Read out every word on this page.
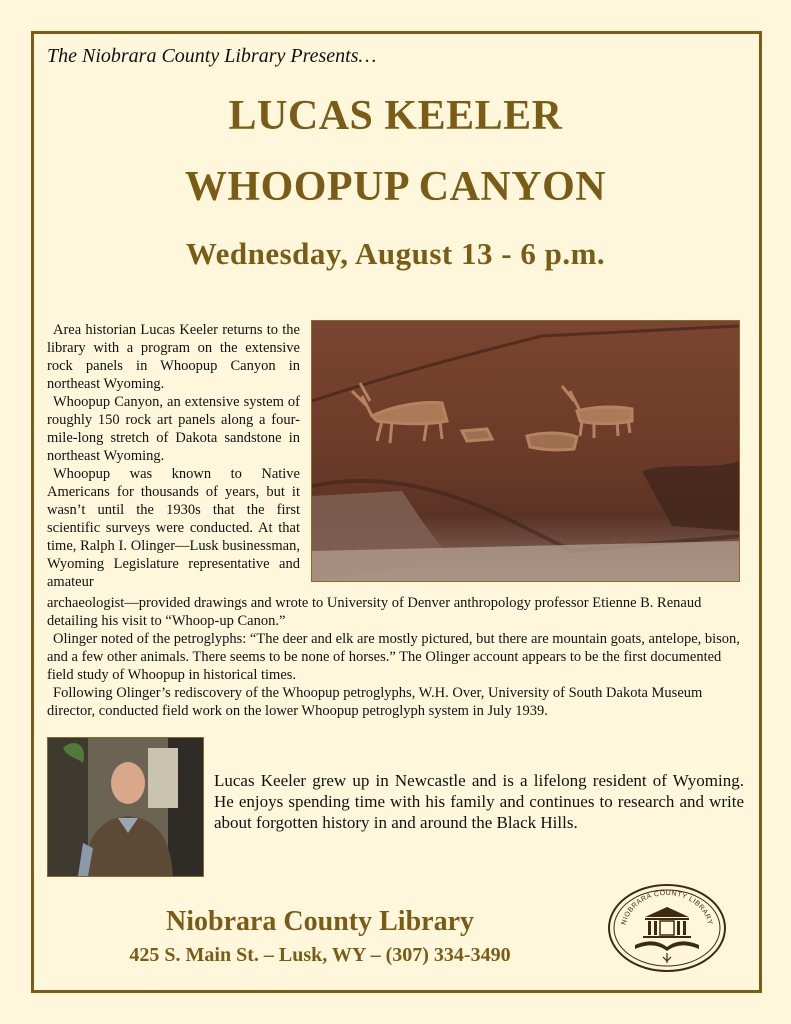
The Niobrara County Library Presents…
LUCAS KEELER
WHOOPUP CANYON
Wednesday, August 13 - 6 p.m.

Area historian Lucas Keeler returns to the library with a program on the extensive rock panels in Whoopup Canyon in northeast Wyoming.

Whoopup Canyon, an extensive system of roughly 150 rock art panels along a four-mile-long stretch of Dakota sandstone in northeast Wyoming.

Whoopup was known to Native Americans for thousands of years, but it wasn’t until the 1930s that the first scientific surveys were conducted. At that time, Ralph I. Olinger—Lusk businessman, Wyoming Legislature representative and amateur

archaeologist—provided drawings and wrote to University of Denver anthropology professor Etienne B. Renaud detailing his visit to “Whoop-up Canon.”

Olinger noted of the petroglyphs: “The deer and elk are mostly pictured, but there are mountain goats, antelope, bison, and a few other animals. There seems to be none of horses.” The Olinger account appears to be the first documented field study of Whoopup in historical times.

Following Olinger’s rediscovery of the Whoopup petroglyphs, W.H. Over, University of South Dakota Museum director, conducted field work on the lower Whoopup petroglyph system in July 1939.

Lucas Keeler grew up in Newcastle and is a lifelong resident of Wyoming. He enjoys spending time with his family and continues to research and write about forgotten history in and around the Black Hills.
Niobrara County Library
425 S. Main St. – Lusk, WY – (307) 334-3490
NIOBRARA COUNTY LIBRARY
